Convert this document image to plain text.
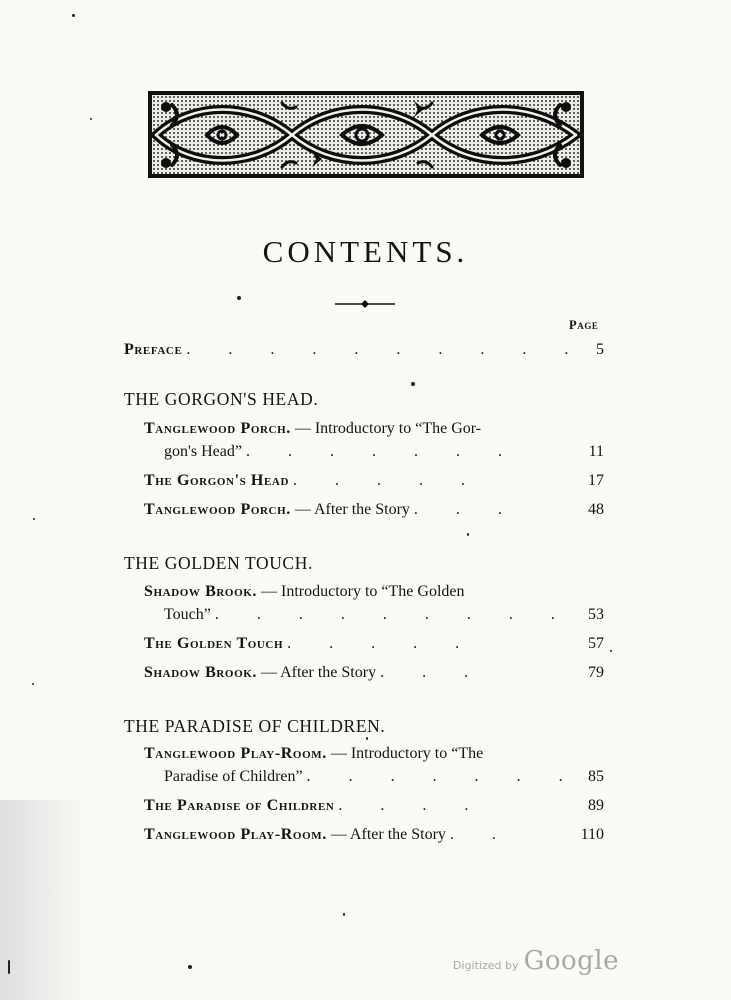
CONTENTS.
Page
Preface . . . . . . . . . . 5
THE GORGON'S HEAD.
Tanglewood Porch. — Introductory to “The Gor-
gon's Head” . . . . . . .	11
The Gorgon's Head . . . . .	17
Tanglewood Porch. — After the Story . . .	48
THE GOLDEN TOUCH.
Shadow Brook. — Introductory to “The Golden
Touch” . . . . . . . . . 53
The Golden Touch . . . . .	57
Shadow Brook. — After the Story . . .	79
THE PARADISE OF CHILDREN.
Tanglewood Play-Room. — Introductory to “The
Paradise of Children” . . . . . . . 85
The Paradise of Children . . . .	89
Tanglewood Play-Room. — After the Story . .	110
Digitized by Google
